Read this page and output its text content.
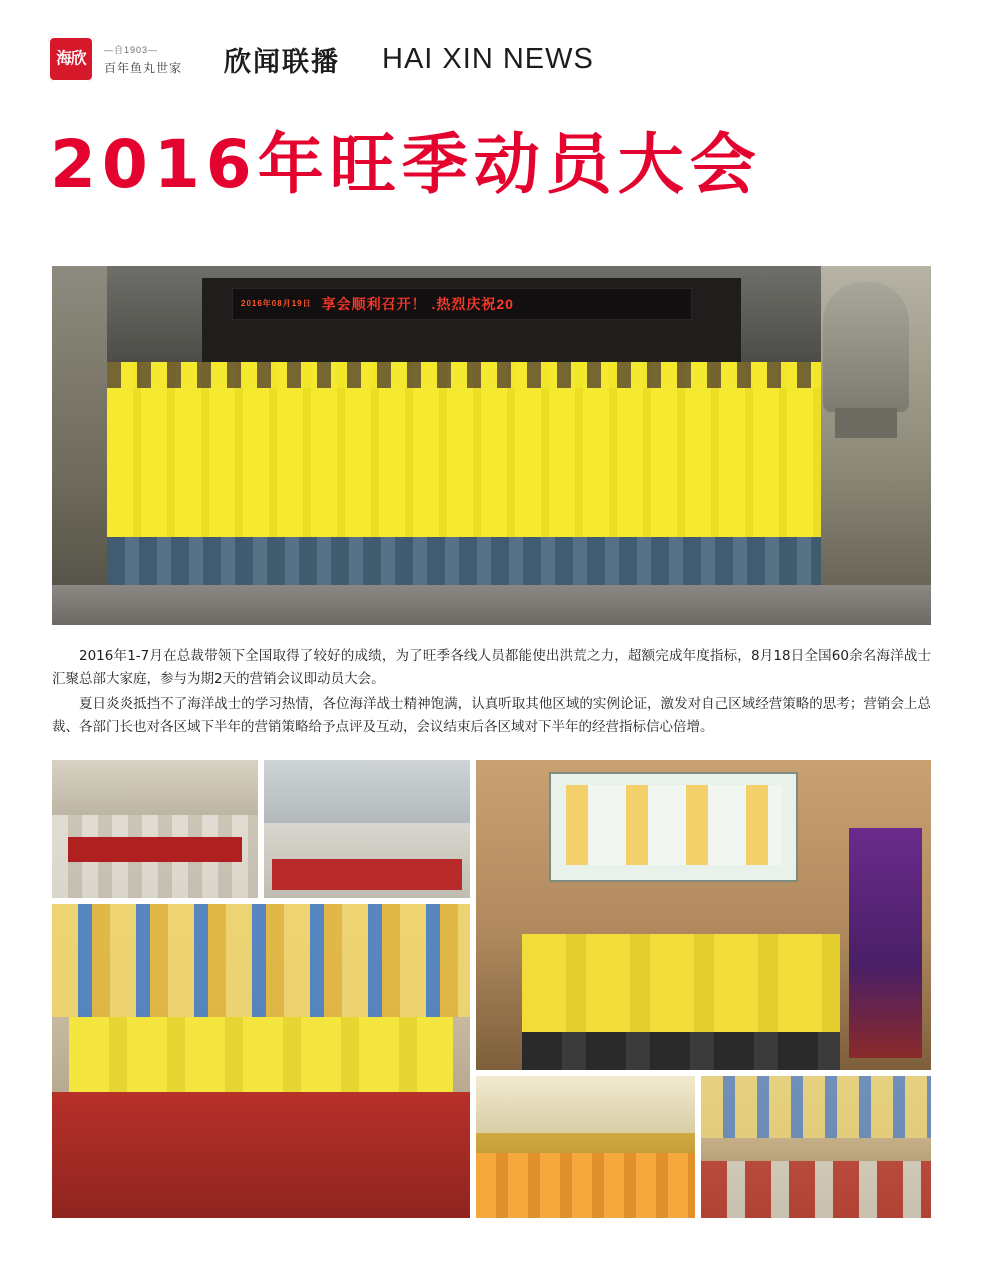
海欣
—自1903—
百年鱼丸世家 欣闻联播 HAI XIN NEWS
2016年旺季动员大会
2016年08月19日 享会顺利召开！ .热烈庆祝20

2016年1-7月在总裁带领下全国取得了较好的成绩，为了旺季各线人员都能使出洪荒之力，超额完成年度指标，8月18日全国60余名海洋战士汇聚总部大家庭，参与为期2天的营销会议即动员大会。

夏日炎炎抵挡不了海洋战士的学习热情，各位海洋战士精神饱满，认真听取其他区域的实例论证，激发对自己区域经营策略的思考；营销会上总裁、各部门长也对各区域下半年的营销策略给予点评及互动，会议结束后各区域对下半年的经营指标信心倍增。
